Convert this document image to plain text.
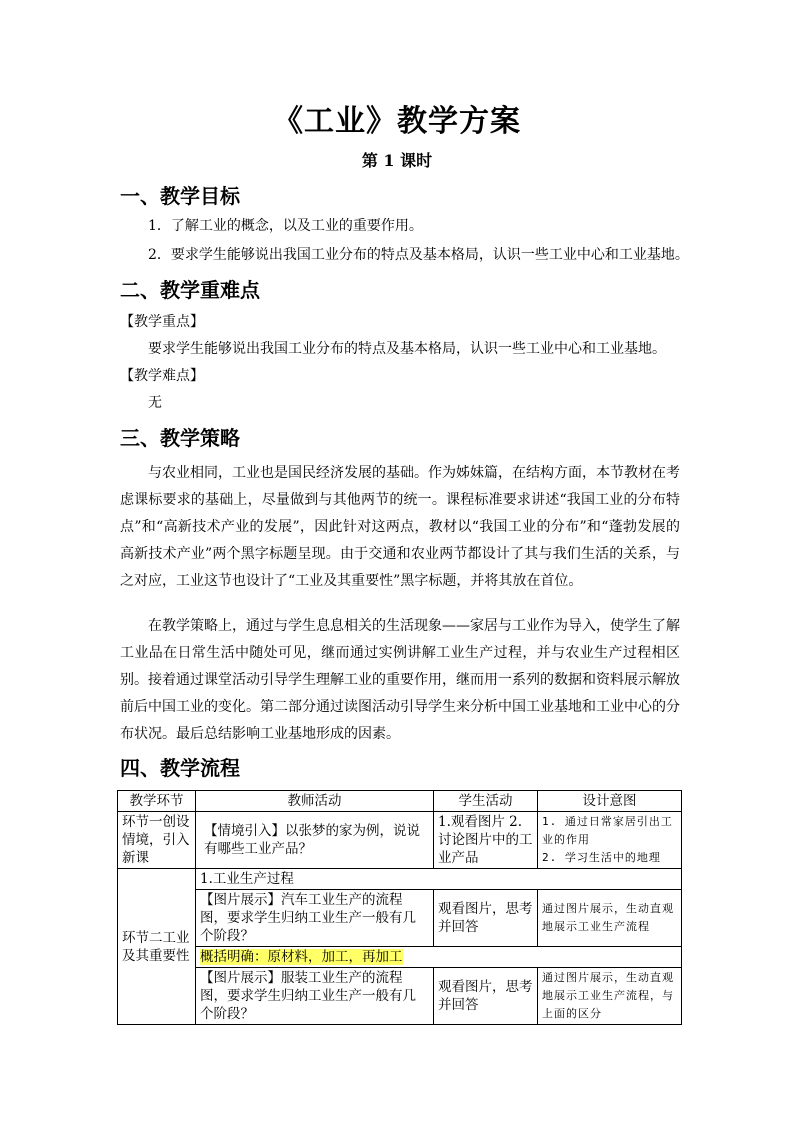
《工业》教学方案
第 1 课时
一、教学目标
1．了解工业的概念，以及工业的重要作用。
2．要求学生能够说出我国工业分布的特点及基本格局，认识一些工业中心和工业基地。
二、教学重难点
【教学重点】
要求学生能够说出我国工业分布的特点及基本格局，认识一些工业中心和工业基地。
【教学难点】
无
三、教学策略
与农业相同，工业也是国民经济发展的基础。作为姊妹篇，在结构方面，本节教材在考虑课标要求的基础上，尽量做到与其他两节的统一。课程标准要求讲述“我国工业的分布特点”和“高新技术产业的发展”，因此针对这两点，教材以“我国工业的分布”和“蓬勃发展的高新技术产业”两个黑字标题呈现。由于交通和农业两节都设计了其与我们生活的关系，与之对应，工业这节也设计了“工业及其重要性”黑字标题，并将其放在首位。
在教学策略上，通过与学生息息相关的生活现象——家居与工业作为导入，使学生了解工业品在日常生活中随处可见，继而通过实例讲解工业生产过程，并与农业生产过程相区别。接着通过课堂活动引导学生理解工业的重要作用，继而用一系列的数据和资料展示解放前后中国工业的变化。第二部分通过读图活动引导学生来分析中国工业基地和工业中心的分布状况。最后总结影响工业基地形成的因素。
四、教学流程
教学环节	教师活动	学生活动	设计意图
环节一创设情境，引入新课	【情境引入】以张梦的家为例，说说有哪些工业产品？	1.观看图片 2.讨论图片中的工业产品	1. 通过日常家居引出工业的作用
2. 学习生活中的地理

环节二工业及其重要性	1.工业生产过程		
	【图片展示】汽车工业生产的流程图，要求学生归纳工业生产一般有几个阶段？	观看图片，思考并回答	通过图片展示，生动直观地展示工业生产流程
	概括明确：原材料，加工，再加工		
	【图片展示】服装工业生产的流程图，要求学生归纳工业生产一般有几个阶段？	观看图片，思考并回答	通过图片展示，生动直观地展示工业生产流程，与上面的区分
